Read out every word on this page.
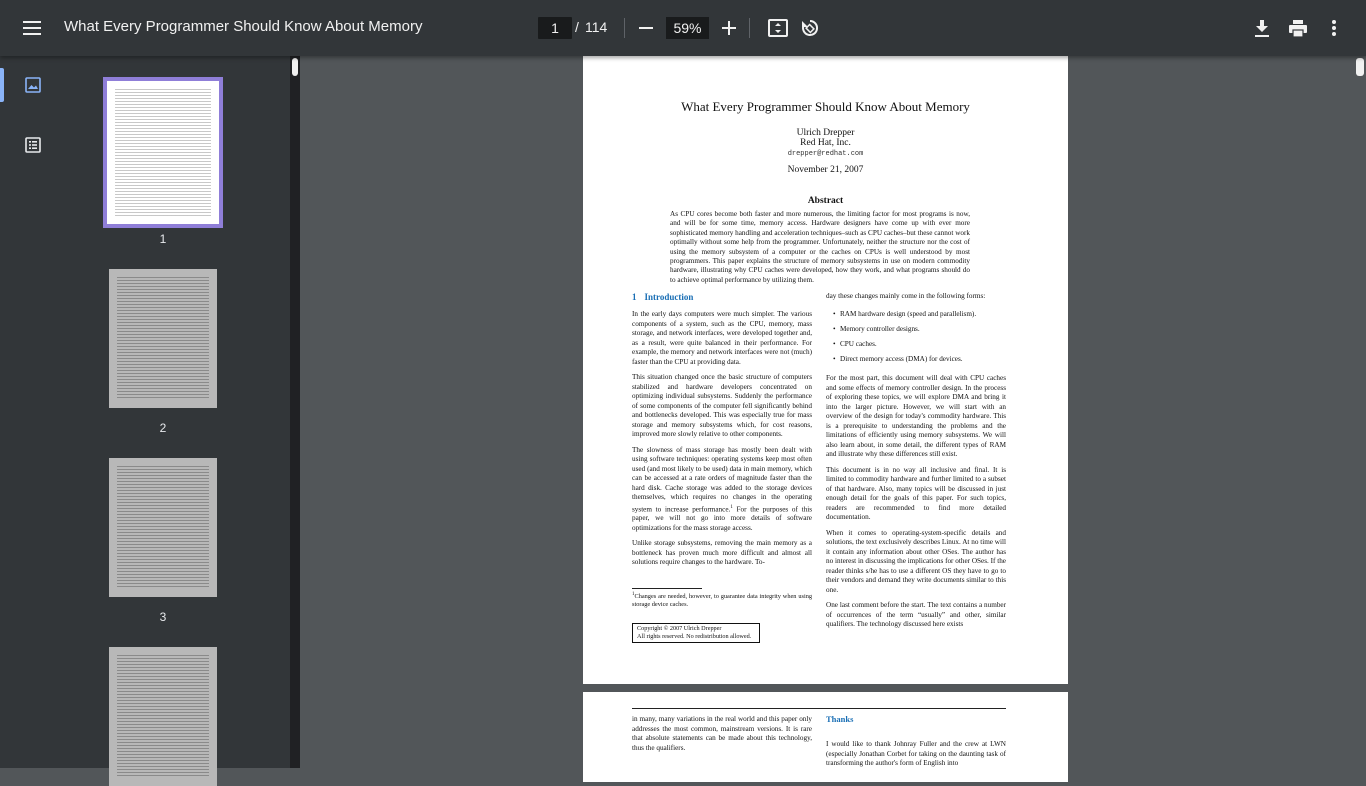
What Every Programmer Should Know About Memory	1	/ 114	59%
1
2
3
What Every Programmer Should Know About Memory
Ulrich Drepper
Red Hat, Inc.
drepper@redhat.com
November 21, 2007
Abstract
As CPU cores become both faster and more numerous, the limiting factor for most programs is now, and will be for some time, memory access. Hardware designers have come up with ever more sophisticated memory handling and acceleration techniques–such as CPU caches–but these cannot work optimally without some help from the programmer. Unfortunately, neither the structure nor the cost of using the memory subsystem of a computer or the caches on CPUs is well understood by most programmers. This paper explains the structure of memory subsystems in use on modern commodity hardware, illustrating why CPU caches were developed, how they work, and what programs should do to achieve optimal performance by utilizing them.
1 Introduction

In the early days computers were much simpler. The various components of a system, such as the CPU, memory, mass storage, and network interfaces, were developed together and, as a result, were quite balanced in their performance. For example, the memory and network interfaces were not (much) faster than the CPU at providing data.

This situation changed once the basic structure of computers stabilized and hardware developers concentrated on optimizing individual subsystems. Suddenly the performance of some components of the computer fell significantly behind and bottlenecks developed. This was especially true for mass storage and memory subsystems which, for cost reasons, improved more slowly relative to other components.

The slowness of mass storage has mostly been dealt with using software techniques: operating systems keep most often used (and most likely to be used) data in main memory, which can be accessed at a rate orders of magnitude faster than the hard disk. Cache storage was added to the storage devices themselves, which requires no changes in the operating system to increase performance.$^1$ For the purposes of this paper, we will not go into more details of software optimizations for the mass storage access.

Unlike storage subsystems, removing the main memory as a bottleneck has proven much more difficult and almost all solutions require changes to the hardware. To-

$^1$Changes are needed, however, to guarantee data integrity when using storage device caches.
Copyright © 2007 Ulrich Drepper
All rights reserved. No redistribution allowed.

day these changes mainly come in the following forms:

• RAM hardware design (speed and parallelism).
• Memory controller designs.
• CPU caches.
• Direct memory access (DMA) for devices.

For the most part, this document will deal with CPU caches and some effects of memory controller design. In the process of exploring these topics, we will explore DMA and bring it into the larger picture. However, we will start with an overview of the design for today's commodity hardware. This is a prerequisite to understanding the problems and the limitations of efficiently using memory subsystems. We will also learn about, in some detail, the different types of RAM and illustrate why these differences still exist.

This document is in no way all inclusive and final. It is limited to commodity hardware and further limited to a subset of that hardware. Also, many topics will be discussed in just enough detail for the goals of this paper. For such topics, readers are recommended to find more detailed documentation.

When it comes to operating-system-specific details and solutions, the text exclusively describes Linux. At no time will it contain any information about other OSes. The author has no interest in discussing the implications for other OSes. If the reader thinks s/he has to use a different OS they have to go to their vendors and demand they write documents similar to this one.

One last comment before the start. The text contains a number of occurrences of the term “usually” and other, similar qualifiers. The technology discussed here exists

in many, many variations in the real world and this paper only addresses the most common, mainstream versions. It is rare that absolute statements can be made about this technology, thus the qualifiers.
Thanks
I would like to thank Johnray Fuller and the crew at LWN (especially Jonathan Corbet for taking on the daunting task of transforming the author's form of English into
